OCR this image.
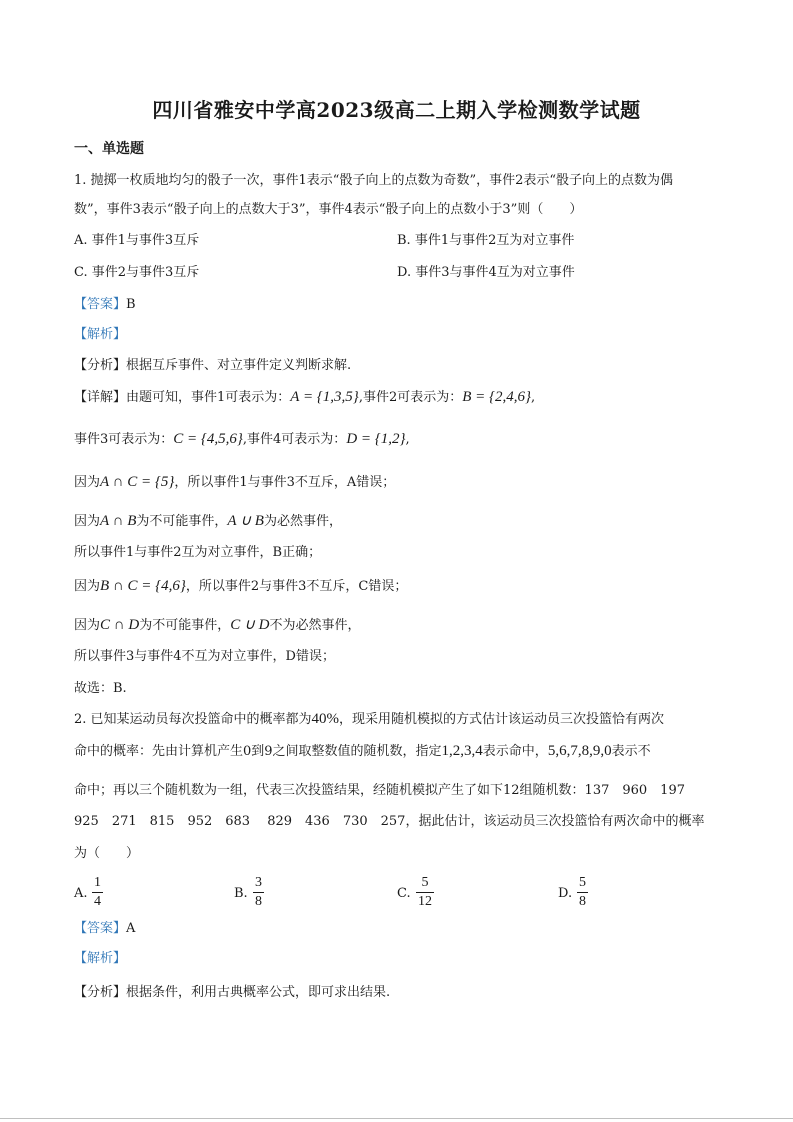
四川省雅安中学高2023级高二上期入学检测数学试题
一、单选题
1. 抛掷一枚质地均匀的骰子一次，事件1表示“骰子向上的点数为奇数”，事件2表示“骰子向上的点数为偶
数”，事件3表示“骰子向上的点数大于3”，事件4表示“骰子向上的点数小于3”则（　　）
A. 事件1与事件3互斥	B. 事件1与事件2互为对立事件
C. 事件2与事件3互斥	D. 事件3与事件4互为对立事件
【答案】B
【解析】
【分析】根据互斥事件、对立事件定义判断求解.
【详解】由题可知，事件1可表示为：A = {1,3,5},事件2可表示为：B = {2,4,6},
事件3可表示为：C = {4,5,6},事件4可表示为：D = {1,2},
因为A ∩ C = {5}，所以事件1与事件3不互斥，A错误；
因为A ∩ B为不可能事件，A ∪ B为必然事件，
所以事件1与事件2互为对立事件，B正确；
因为B ∩ C = {4,6}，所以事件2与事件3不互斥，C错误；
因为C ∩ D为不可能事件，C ∪ D不为必然事件，
所以事件3与事件4不互为对立事件，D错误；
故选：B.
2. 已知某运动员每次投篮命中的概率都为40%，现采用随机模拟的方式估计该运动员三次投篮恰有两次
命中的概率：先由计算机产生0到9之间取整数值的随机数，指定1,2,3,4表示命中，5,6,7,8,9,0表示不
命中；再以三个随机数为一组，代表三次投篮结果，经随机模拟产生了如下12组随机数：137　960　197
925　271　815　952　683　 829　436　730　257，据此估计，该运动员三次投篮恰有两次命中的概率
为（　　）
A.
1
4
B.
3
8
C.
5
12
D.
5
8
【答案】A
【解析】
【分析】根据条件，利用古典概率公式，即可求出结果.
